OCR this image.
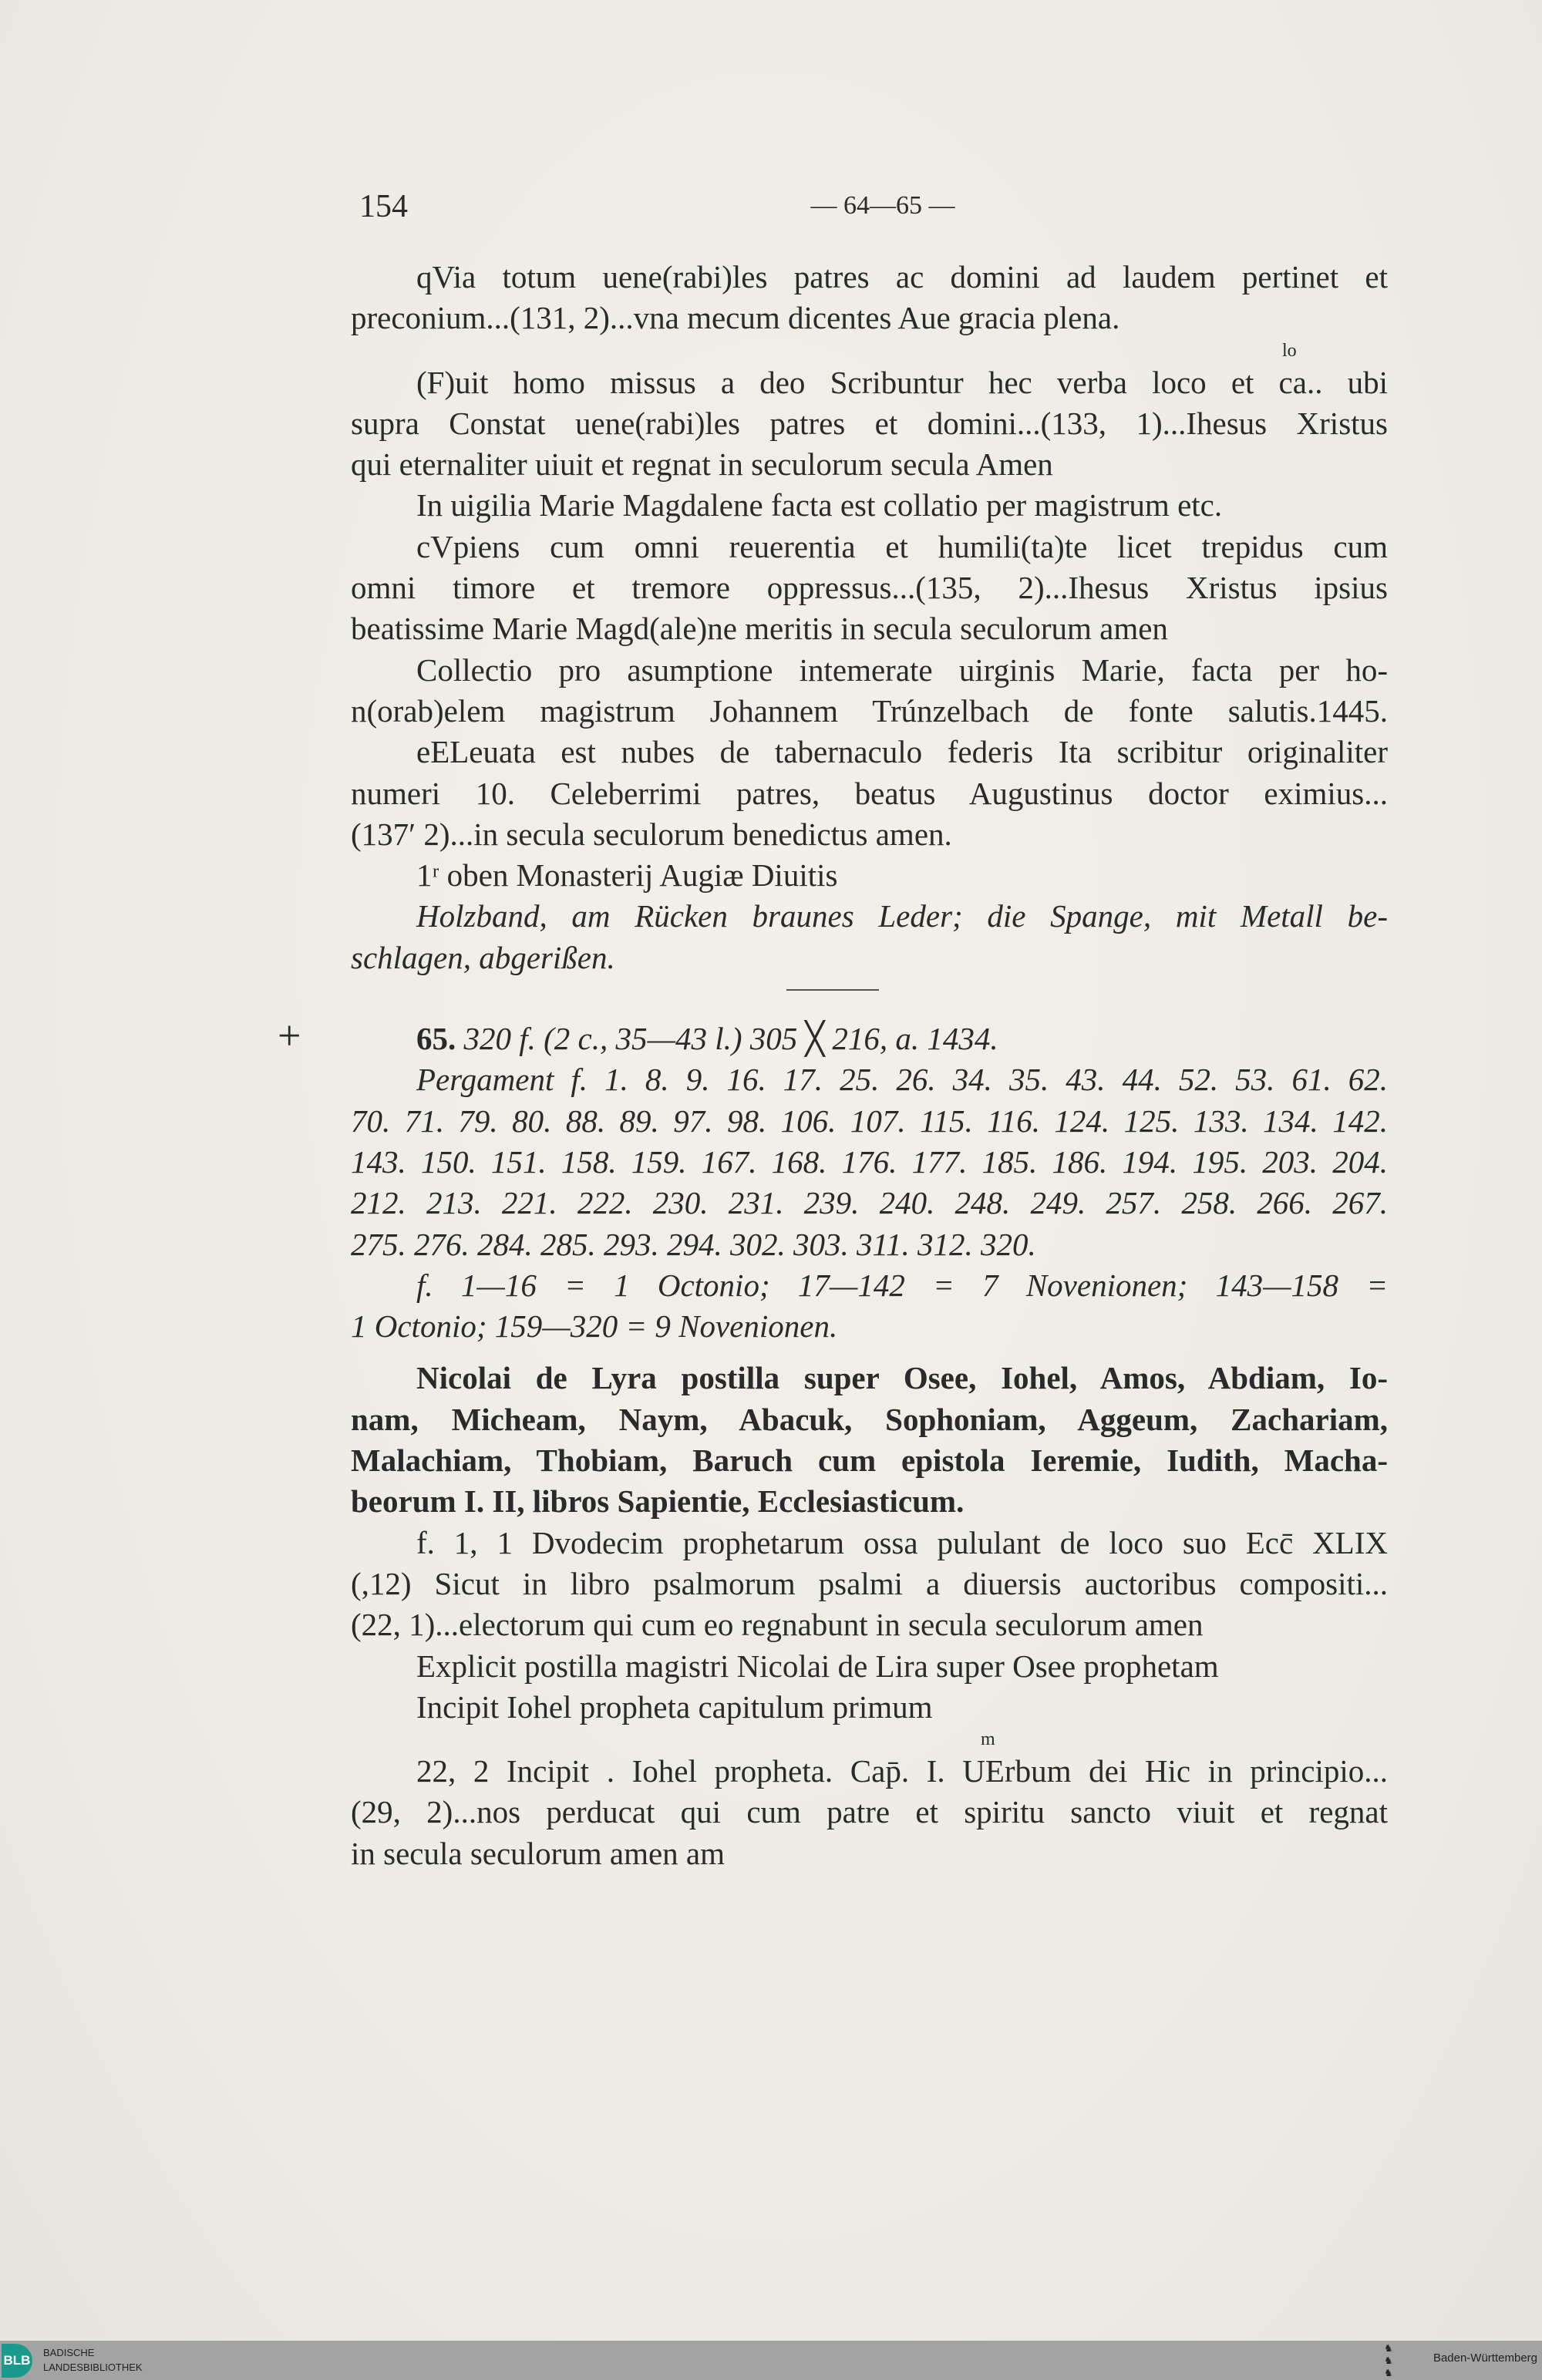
154	— 64—65 —
+
qVia totum uene(rabi)les patres ac domini ad laudem pertinet et
preconium...(131, 2)...vna mecum dicentes Aue gracia plena.
lo
(F)uit homo missus a deo Scribuntur hec verba loco et ca.. ubi
supra Constat uene(rabi)les patres et domini...(133, 1)...Ihesus Xristus
qui eternaliter uiuit et regnat in seculorum secula Amen
In uigilia Marie Magdalene facta est collatio per magistrum etc.
cVpiens cum omni reuerentia et humili(ta)te licet trepidus cum
omni timore et tremore oppressus...(135, 2)...Ihesus Xristus ipsius
beatissime Marie Magd(ale)ne meritis in secula seculorum amen
Collectio pro asumptione intemerate uirginis Marie, facta per ho-
n(orab)elem magistrum Johannem Trúnzelbach de fonte salutis.1445.
eELeuata est nubes de tabernaculo federis Ita scribitur originaliter
numeri 10. Celeberrimi patres, beatus Augustinus doctor eximius...
(137′ 2)...in secula seculorum benedictus amen.
1ʳ oben Monasterij Augiæ Diuitis
Holzband, am Rücken braunes Leder; die Spange, mit Metall be-
schlagen, abgerißen.
65. 320 f. (2 c., 35—43 l.) 305 ╳ 216, a. 1434.
Pergament f. 1. 8. 9. 16. 17. 25. 26. 34. 35. 43. 44. 52. 53. 61. 62.
70. 71. 79. 80. 88. 89. 97. 98. 106. 107. 115. 116. 124. 125. 133. 134. 142.
143. 150. 151. 158. 159. 167. 168. 176. 177. 185. 186. 194. 195. 203. 204.
212. 213. 221. 222. 230. 231. 239. 240. 248. 249. 257. 258. 266. 267.
275. 276. 284. 285. 293. 294. 302. 303. 311. 312. 320.
f. 1—16 = 1 Octonio; 17—142 = 7 Novenionen; 143—158 =
1 Octonio; 159—320 = 9 Novenionen.
Nicolai de Lyra postilla super Osee, Iohel, Amos, Abdiam, Io-
nam, Micheam, Naym, Abacuk, Sophoniam, Aggeum, Zachariam,
Malachiam, Thobiam, Baruch cum epistola Ieremie, Iudith, Macha-
beorum I. II, libros Sapientie, Ecclesiasticum.
f. 1, 1 Dvodecim prophetarum ossa pululant de loco suo Ecc̄ XLIX
(,12) Sicut in libro psalmorum psalmi a diuersis auctoribus compositi...
(22, 1)...electorum qui cum eo regnabunt in secula seculorum amen
Explicit postilla magistri Nicolai de Lira super Osee prophetam
Incipit Iohel propheta capitulum primum
m
22, 2 Incipit . Iohel propheta. Cap̄. I. UErbum dei Hic in principio...
(29, 2)...nos perducat qui cum patre et spiritu sancto viuit et regnat
in secula seculorum amen am
BLB
BADISCHE
LANDESBIBLIOTHEK
♞
♞
♞
Baden-Württemberg
